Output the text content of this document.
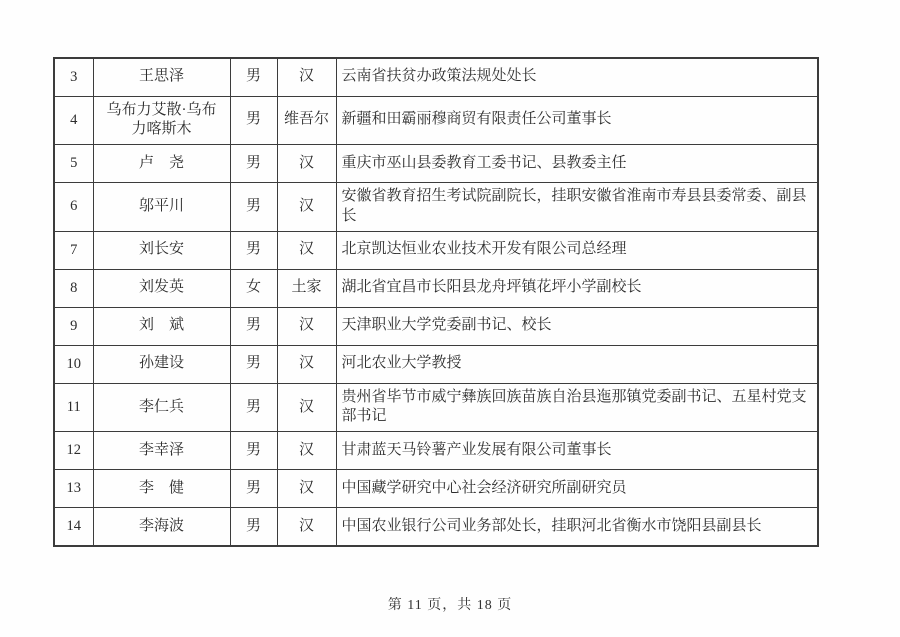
3	王思泽	男	汉	云南省扶贫办政策法规处处长
4	乌布力艾散·乌布力喀斯木	男	维吾尔	新疆和田霸丽穆商贸有限责任公司董事长
5	卢　尧	男	汉	重庆市巫山县委教育工委书记、县教委主任
6	邬平川	男	汉	安徽省教育招生考试院副院长，挂职安徽省淮南市寿县县委常委、副县长
7	刘长安	男	汉	北京凯达恒业农业技术开发有限公司总经理
8	刘发英	女	土家	湖北省宜昌市长阳县龙舟坪镇花坪小学副校长
9	刘　斌	男	汉	天津职业大学党委副书记、校长
10	孙建设	男	汉	河北农业大学教授
11	李仁兵	男	汉	贵州省毕节市威宁彝族回族苗族自治县迤那镇党委副书记、五星村党支部书记
12	李幸泽	男	汉	甘肃蓝天马铃薯产业发展有限公司董事长
13	李　健	男	汉	中国藏学研究中心社会经济研究所副研究员
14	李海波	男	汉	中国农业银行公司业务部处长，挂职河北省衡水市饶阳县副县长
第 11 页，共 18 页
